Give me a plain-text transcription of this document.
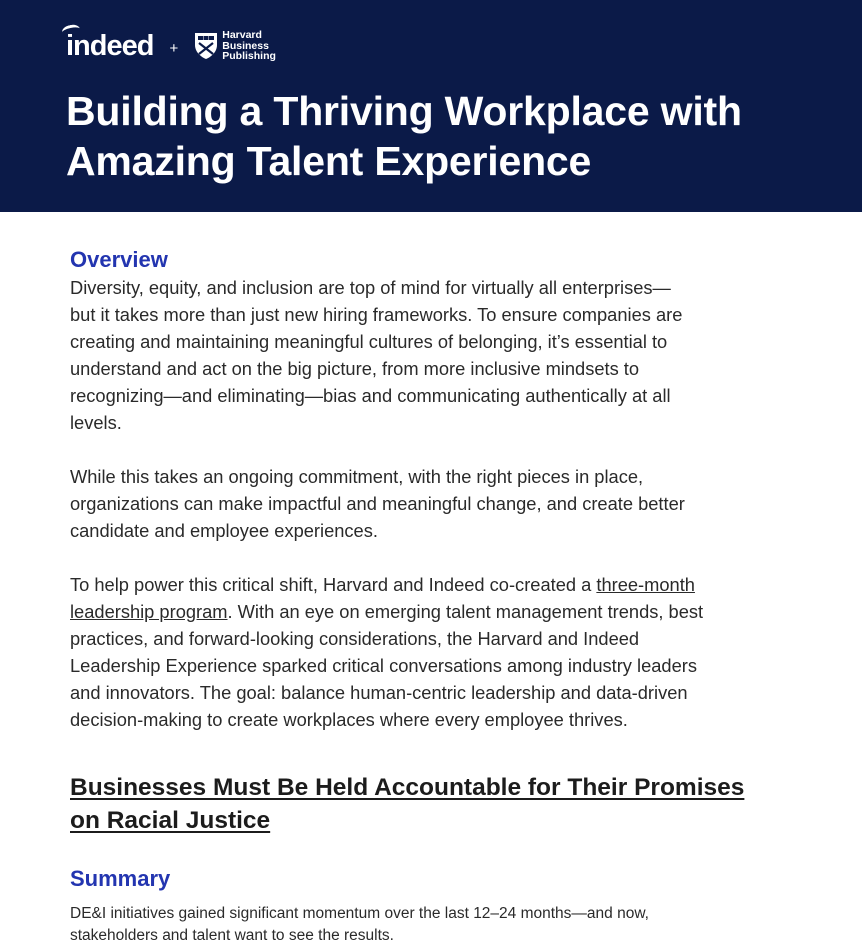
indeed +
Harvard
Business
Publishing
Building a Thriving Workplace with
Amazing Talent Experience
Overview

Diversity, equity, and inclusion are top of mind for virtually all enterprises—
but it takes more than just new hiring frameworks. To ensure companies are
creating and maintaining meaningful cultures of belonging, it’s essential to
understand and act on the big picture, from more inclusive mindsets to
recognizing—and eliminating—bias and communicating authentically at all
levels.

While this takes an ongoing commitment, with the right pieces in place,
organizations can make impactful and meaningful change, and create better
candidate and employee experiences.

To help power this critical shift, Harvard and Indeed co-created a three-month
leadership program. With an eye on emerging talent management trends, best
practices, and forward-looking considerations, the Harvard and Indeed
Leadership Experience sparked critical conversations among industry leaders
and innovators. The goal: balance human-centric leadership and data-driven
decision-making to create workplaces where every employee thrives.

Businesses Must Be Held Accountable for Their Promises
on Racial Justice
Summary

DE&I initiatives gained significant momentum over the last 12–24 months—and now,
stakeholders and talent want to see the results.
